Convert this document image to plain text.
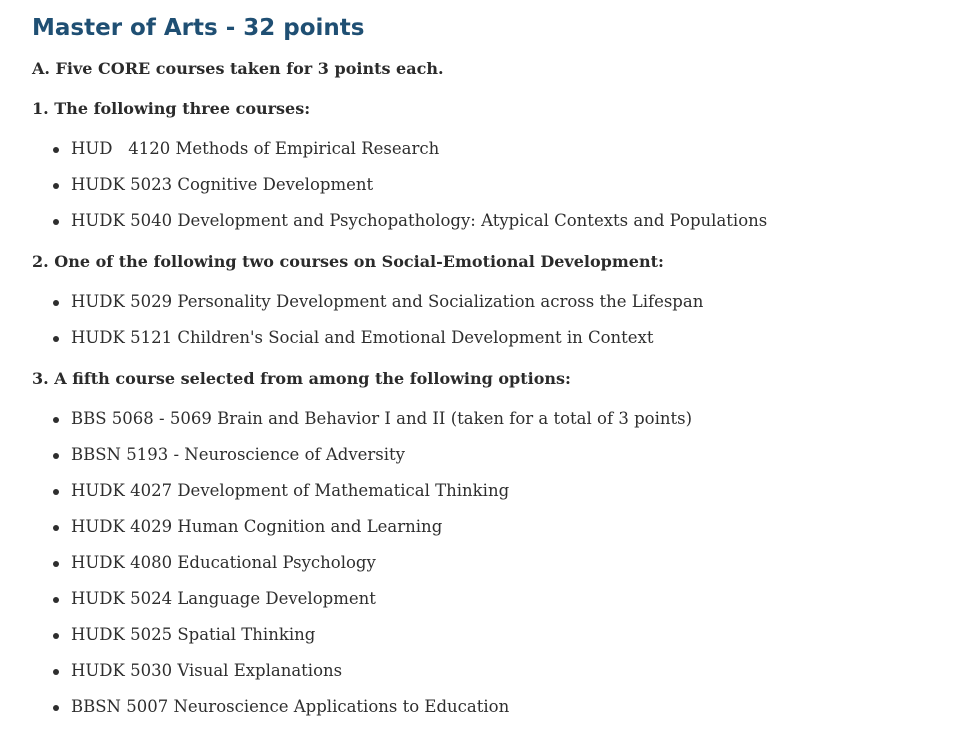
Master of Arts - 32 points

A. Five CORE courses taken for 3 points each.

1. The following three courses:

HUD   4120 Methods of Empirical Research
HUDK 5023 Cognitive Development
HUDK 5040 Development and Psychopathology: Atypical Contexts and Populations

2. One of the following two courses on Social-Emotional Development:

HUDK 5029 Personality Development and Socialization across the Lifespan
HUDK 5121 Children's Social and Emotional Development in Context

3. A fifth course selected from among the following options:

BBS 5068 - 5069 Brain and Behavior I and II (taken for a total of 3 points)
BBSN 5193 - Neuroscience of Adversity
HUDK 4027 Development of Mathematical Thinking
HUDK 4029 Human Cognition and Learning
HUDK 4080 Educational Psychology
HUDK 5024 Language Development
HUDK 5025 Spatial Thinking
HUDK 5030 Visual Explanations
BBSN 5007 Neuroscience Applications to Education
